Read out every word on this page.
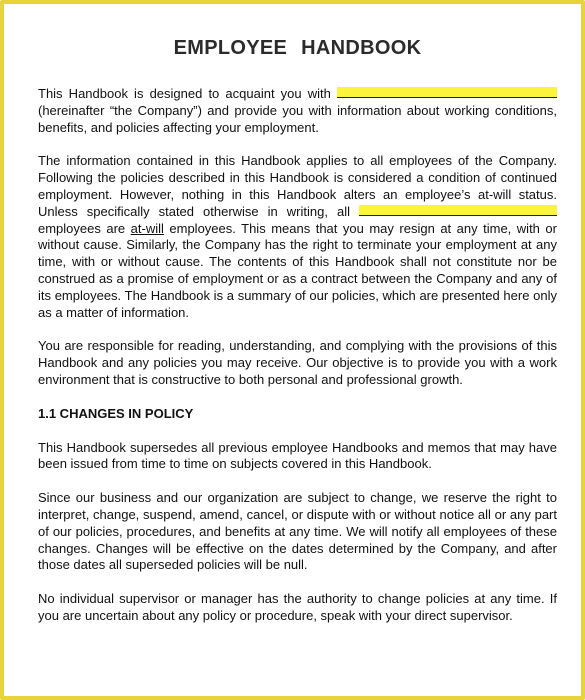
EMPLOYEE HANDBOOK

This Handbook is designed to acquaint you with  (hereinafter “the Company”) and provide you with information about working conditions, benefits, and policies affecting your employment.

The information contained in this Handbook applies to all employees of the Company. Following the policies described in this Handbook is considered a condition of continued employment. However, nothing in this Handbook alters an employee’s at-will status. Unless specifically stated otherwise in writing, all  employees are at-will employees. This means that you may resign at any time, with or without cause. Similarly, the Company has the right to terminate your employment at any time, with or without cause. The contents of this Handbook shall not constitute nor be construed as a promise of employment or as a contract between the Company and any of its employees. The Handbook is a summary of our policies, which are presented here only as a matter of information.

You are responsible for reading, understanding, and complying with the provisions of this Handbook and any policies you may receive. Our objective is to provide you with a work environment that is constructive to both personal and professional growth.

1.1 CHANGES IN POLICY

This Handbook supersedes all previous employee Handbooks and memos that may have been issued from time to time on subjects covered in this Handbook.

Since our business and our organization are subject to change, we reserve the right to interpret, change, suspend, amend, cancel, or dispute with or without notice all or any part of our policies, procedures, and benefits at any time. We will notify all employees of these changes. Changes will be effective on the dates determined by the Company, and after those dates all superseded policies will be null.

No individual supervisor or manager has the authority to change policies at any time. If you are uncertain about any policy or procedure, speak with your direct supervisor.
